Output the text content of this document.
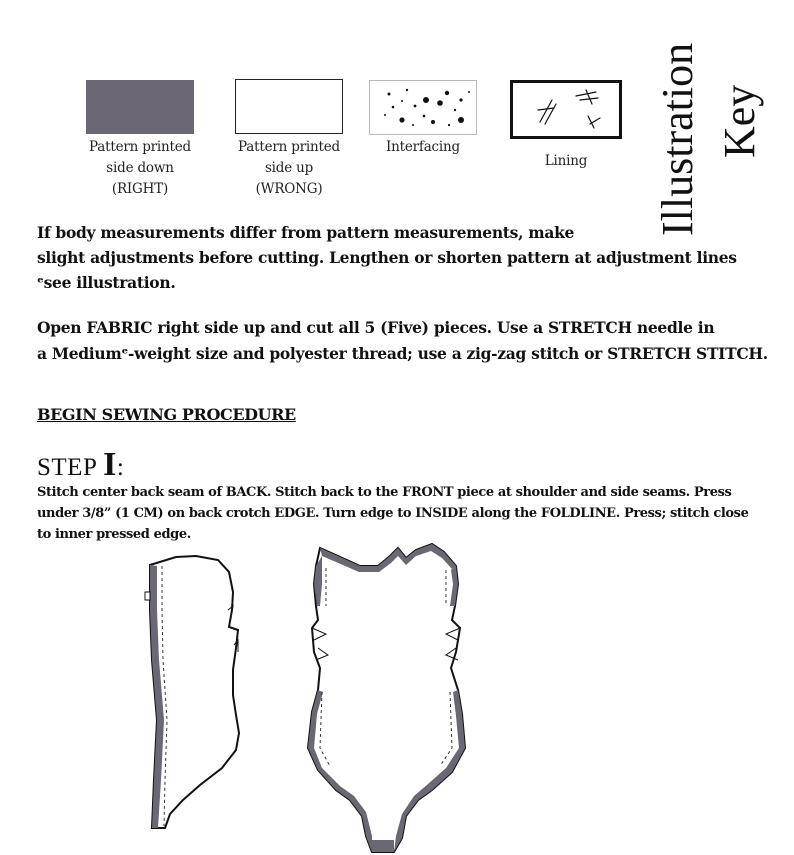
Pattern printed
side down
(RIGHT)
Pattern printed
side up
(WRONG)
Interfacing
Lining	Illustration Key
If body measurements differ from pattern measurements, make
slight adjustments before cutting. Lengthen or shorten pattern at adjustment lines
ᵉsee illustration.
Open FABRIC right side up and cut all 5 (Five) pieces. Use a STRETCH needle in
a Mediumᵉ-weight size and polyester thread; use a zig-zag stitch or STRETCH STITCH.
BEGIN SEWING PROCEDURE
STEP I:
Stitch center back seam of BACK. Stitch back to the FRONT piece at shoulder and side seams. Press
under 3/8” (1 CM) on back crotch EDGE. Turn edge to INSIDE along the FOLDLINE. Press; stitch close
to inner pressed edge.
